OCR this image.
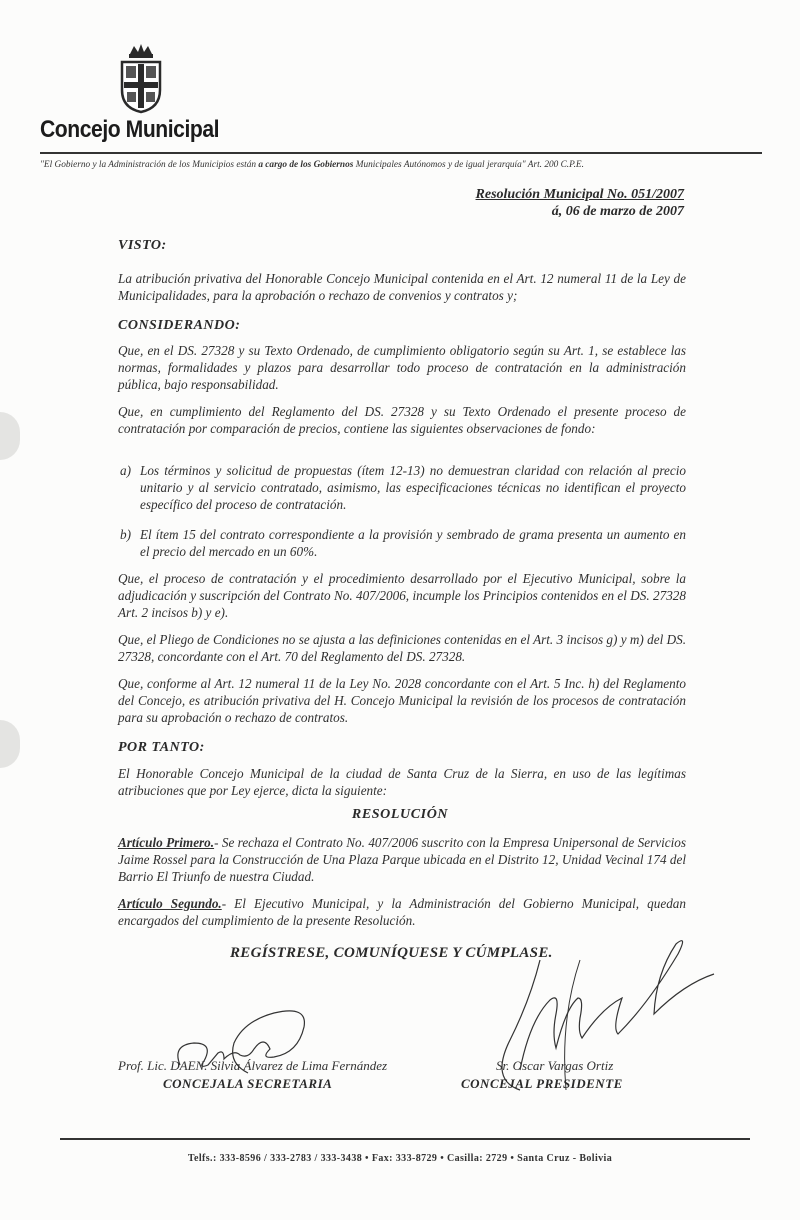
Concejo Municipal
"El Gobierno y la Administración de los Municipios están a cargo de los Gobiernos Municipales Autónomos y de igual jerarquía" Art. 200 C.P.E.
Resolución Municipal No. 051/2007
á, 06 de marzo de 2007
VISTO:
La atribución privativa del Honorable Concejo Municipal contenida en el Art. 12 numeral 11 de la Ley de Municipalidades, para la aprobación o rechazo de convenios y contratos y;
CONSIDERANDO:
Que, en el DS. 27328 y su Texto Ordenado, de cumplimiento obligatorio según su Art. 1, se establece las normas, formalidades y plazos para desarrollar todo proceso de contratación en la administración pública, bajo responsabilidad.
Que, en cumplimiento del Reglamento del DS. 27328 y su Texto Ordenado el presente proceso de contratación por comparación de precios, contiene las siguientes observaciones de fondo:
a) Los términos y solicitud de propuestas (ítem 12-13) no demuestran claridad con relación al precio unitario y al servicio contratado, asimismo, las especificaciones técnicas no identifican el proyecto específico del proceso de contratación.
b) El ítem 15 del contrato correspondiente a la provisión y sembrado de grama presenta un aumento en el precio del mercado en un 60%.
Que, el proceso de contratación y el procedimiento desarrollado por el Ejecutivo Municipal, sobre la adjudicación y suscripción del Contrato No. 407/2006, incumple los Principios contenidos en el DS. 27328 Art. 2 incisos b) y e).
Que, el Pliego de Condiciones no se ajusta a las definiciones contenidas en el Art. 3 incisos g) y m) del DS. 27328, concordante con el Art. 70 del Reglamento del DS. 27328.
Que, conforme al Art. 12 numeral 11 de la Ley No. 2028 concordante con el Art. 5 Inc. h) del Reglamento del Concejo, es atribución privativa del H. Concejo Municipal la revisión de los procesos de contratación para su aprobación o rechazo de contratos.
POR TANTO:
El Honorable Concejo Municipal de la ciudad de Santa Cruz de la Sierra, en uso de las legítimas atribuciones que por Ley ejerce, dicta la siguiente:
RESOLUCIÓN
Artículo Primero.- Se rechaza el Contrato No. 407/2006 suscrito con la Empresa Unipersonal de Servicios Jaime Rossel para la Construcción de Una Plaza Parque ubicada en el Distrito 12, Unidad Vecinal 174 del Barrio El Triunfo de nuestra Ciudad.
Artículo Segundo.- El Ejecutivo Municipal, y la Administración del Gobierno Municipal, quedan encargados del cumplimiento de la presente Resolución.
REGÍSTRESE, COMUNÍQUESE Y CÚMPLASE.
Prof. Lic. DAEN. Silvia Álvarez de Lima Fernández
CONCEJALA SECRETARIA
Sr. Oscar Vargas Ortiz
CONCEJAL PRESIDENTE
Telfs.: 333-8596 / 333-2783 / 333-3438 • Fax: 333-8729 • Casilla: 2729 • Santa Cruz - Bolivia
